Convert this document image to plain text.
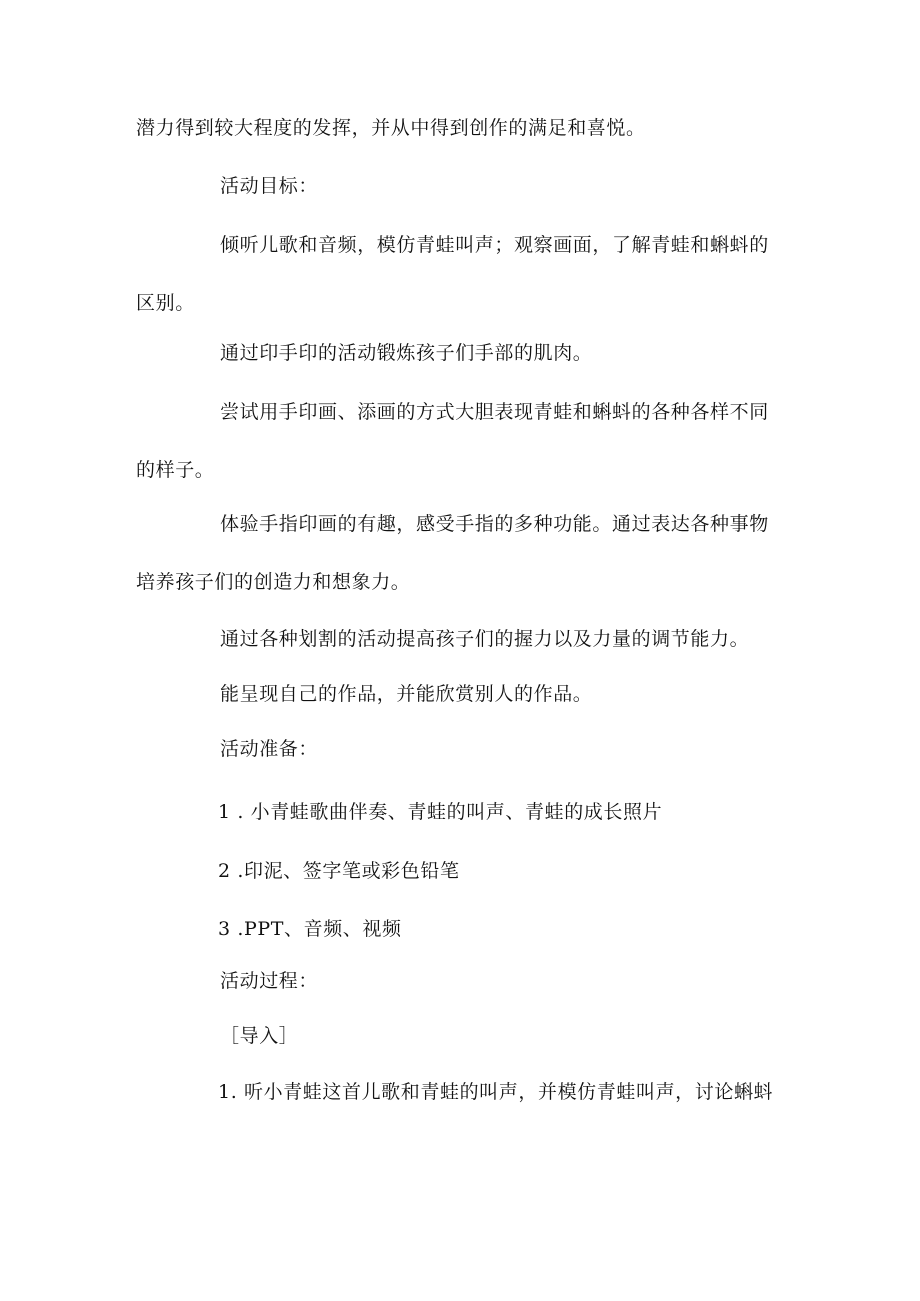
潜力得到较大程度的发挥，并从中得到创作的满足和喜悦。
活动目标：
倾听儿歌和音频，模仿青蛙叫声；观察画面，了解青蛙和蝌蚪的
区别。
通过印手印的活动锻炼孩子们手部的肌肉。
尝试用手印画、添画的方式大胆表现青蛙和蝌蚪的各种各样不同
的样子。
体验手指印画的有趣，感受手指的多种功能。通过表达各种事物
培养孩子们的创造力和想象力。
通过各种划割的活动提高孩子们的握力以及力量的调节能力。
能呈现自己的作品，并能欣赏别人的作品。
活动准备：
1 . 小青蛙歌曲伴奏、青蛙的叫声、青蛙的成长照片
2 .印泥、签字笔或彩色铅笔
3 .PPT、音频、视频
活动过程：
［导入］
1. 听小青蛙这首儿歌和青蛙的叫声，并模仿青蛙叫声，讨论蝌蚪
